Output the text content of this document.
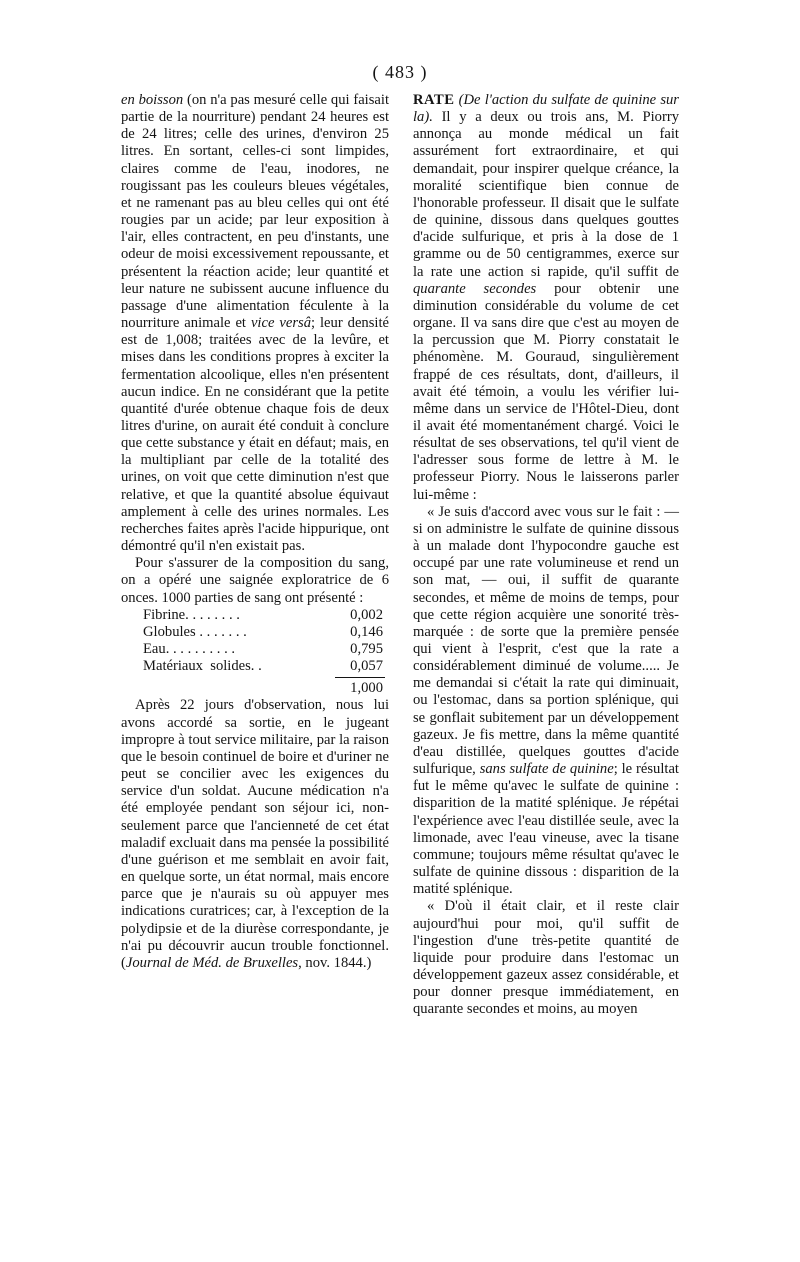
( 483 )

en boisson (on n'a pas mesuré celle qui faisait partie de la nourriture) pendant 24 heures est de 24 litres; celle des urines, d'environ 25 litres. En sortant, celles-ci sont limpides, claires comme de l'eau, inodores, ne rougissant pas les couleurs bleues végétales, et ne ramenant pas au bleu celles qui ont été rougies par un acide; par leur exposition à l'air, elles contractent, en peu d'instants, une odeur de moisi excessivement repoussante, et présentent la réaction acide; leur quantité et leur nature ne subissent aucune influence du passage d'une alimentation féculente à la nourriture animale et vice versâ; leur densité est de 1,008; traitées avec de la levûre, et mises dans les conditions propres à exciter la fermentation alcoolique, elles n'en présentent aucun indice. En ne considérant que la petite quantité d'urée obtenue chaque fois de deux litres d'urine, on aurait été conduit à conclure que cette substance y était en défaut; mais, en la multipliant par celle de la totalité des urines, on voit que cette diminution n'est que relative, et que la quantité absolue équivaut amplement à celle des urines normales. Les recherches faites après l'acide hippurique, ont démontré qu'il n'en existait pas.

Pour s'assurer de la composition du sang, on a opéré une saignée exploratrice de 6 onces. 1000 parties de sang ont présenté :

Fibrine. . . . . . . .	0,002
Globules . . . . . . .	0,146
Eau. . . . . . . . . .	0,795
Matériaux  solides. .	0,057
1,000

Après 22 jours d'observation, nous lui avons accordé sa sortie, en le jugeant impropre à tout service militaire, par la raison que le besoin continuel de boire et d'uriner ne peut se concilier avec les exigences du service d'un soldat. Aucune médication n'a été employée pendant son séjour ici, non-seulement parce que l'ancienneté de cet état maladif excluait dans ma pensée la possibilité d'une guérison et me semblait en avoir fait, en quelque sorte, un état normal, mais encore parce que je n'aurais su où appuyer mes indications curatrices; car, à l'exception de la polydipsie et de la diurèse correspondante, je n'ai pu découvrir aucun trouble fonctionnel. (Journal de Méd. de Bruxelles, nov. 1844.)

RATE (De l'action du sulfate de quinine sur la). Il y a deux ou trois ans, M. Piorry annonça au monde médical un fait assurément fort extraordinaire, et qui demandait, pour inspirer quelque créance, la moralité scientifique bien connue de l'honorable professeur. Il disait que le sulfate de quinine, dissous dans quelques gouttes d'acide sulfurique, et pris à la dose de 1 gramme ou de 50 centigrammes, exerce sur la rate une action si rapide, qu'il suffit de quarante secondes pour obtenir une diminution considérable du volume de cet organe. Il va sans dire que c'est au moyen de la percussion que M. Piorry constatait le phénomène. M. Gouraud, singulièrement frappé de ces résultats, dont, d'ailleurs, il avait été témoin, a voulu les vérifier lui-même dans un service de l'Hôtel-Dieu, dont il avait été momentanément chargé. Voici le résultat de ses observations, tel qu'il vient de l'adresser sous forme de lettre à M. le professeur Piorry. Nous le laisserons parler lui-même :

« Je suis d'accord avec vous sur le fait : — si on administre le sulfate de quinine dissous à un malade dont l'hypocondre gauche est occupé par une rate volumineuse et rend un son mat, — oui, il suffit de quarante secondes, et même de moins de temps, pour que cette région acquière une sonorité très-marquée : de sorte que la première pensée qui vient à l'esprit, c'est que la rate a considérablement diminué de volume..... Je me demandai si c'était la rate qui diminuait, ou l'estomac, dans sa portion splénique, qui se gonflait subitement par un développement gazeux. Je fis mettre, dans la même quantité d'eau distillée, quelques gouttes d'acide sulfurique, sans sulfate de quinine; le résultat fut le même qu'avec le sulfate de quinine : disparition de la matité splénique. Je répétai l'expérience avec l'eau distillée seule, avec la limonade, avec l'eau vineuse, avec la tisane commune; toujours même résultat qu'avec le sulfate de quinine dissous : disparition de la matité splénique.

« D'où il était clair, et il reste clair aujourd'hui pour moi, qu'il suffit de l'ingestion d'une très-petite quantité de liquide pour produire dans l'estomac un développement gazeux assez considérable, et pour donner presque immédiatement, en quarante secondes et moins, au moyen
